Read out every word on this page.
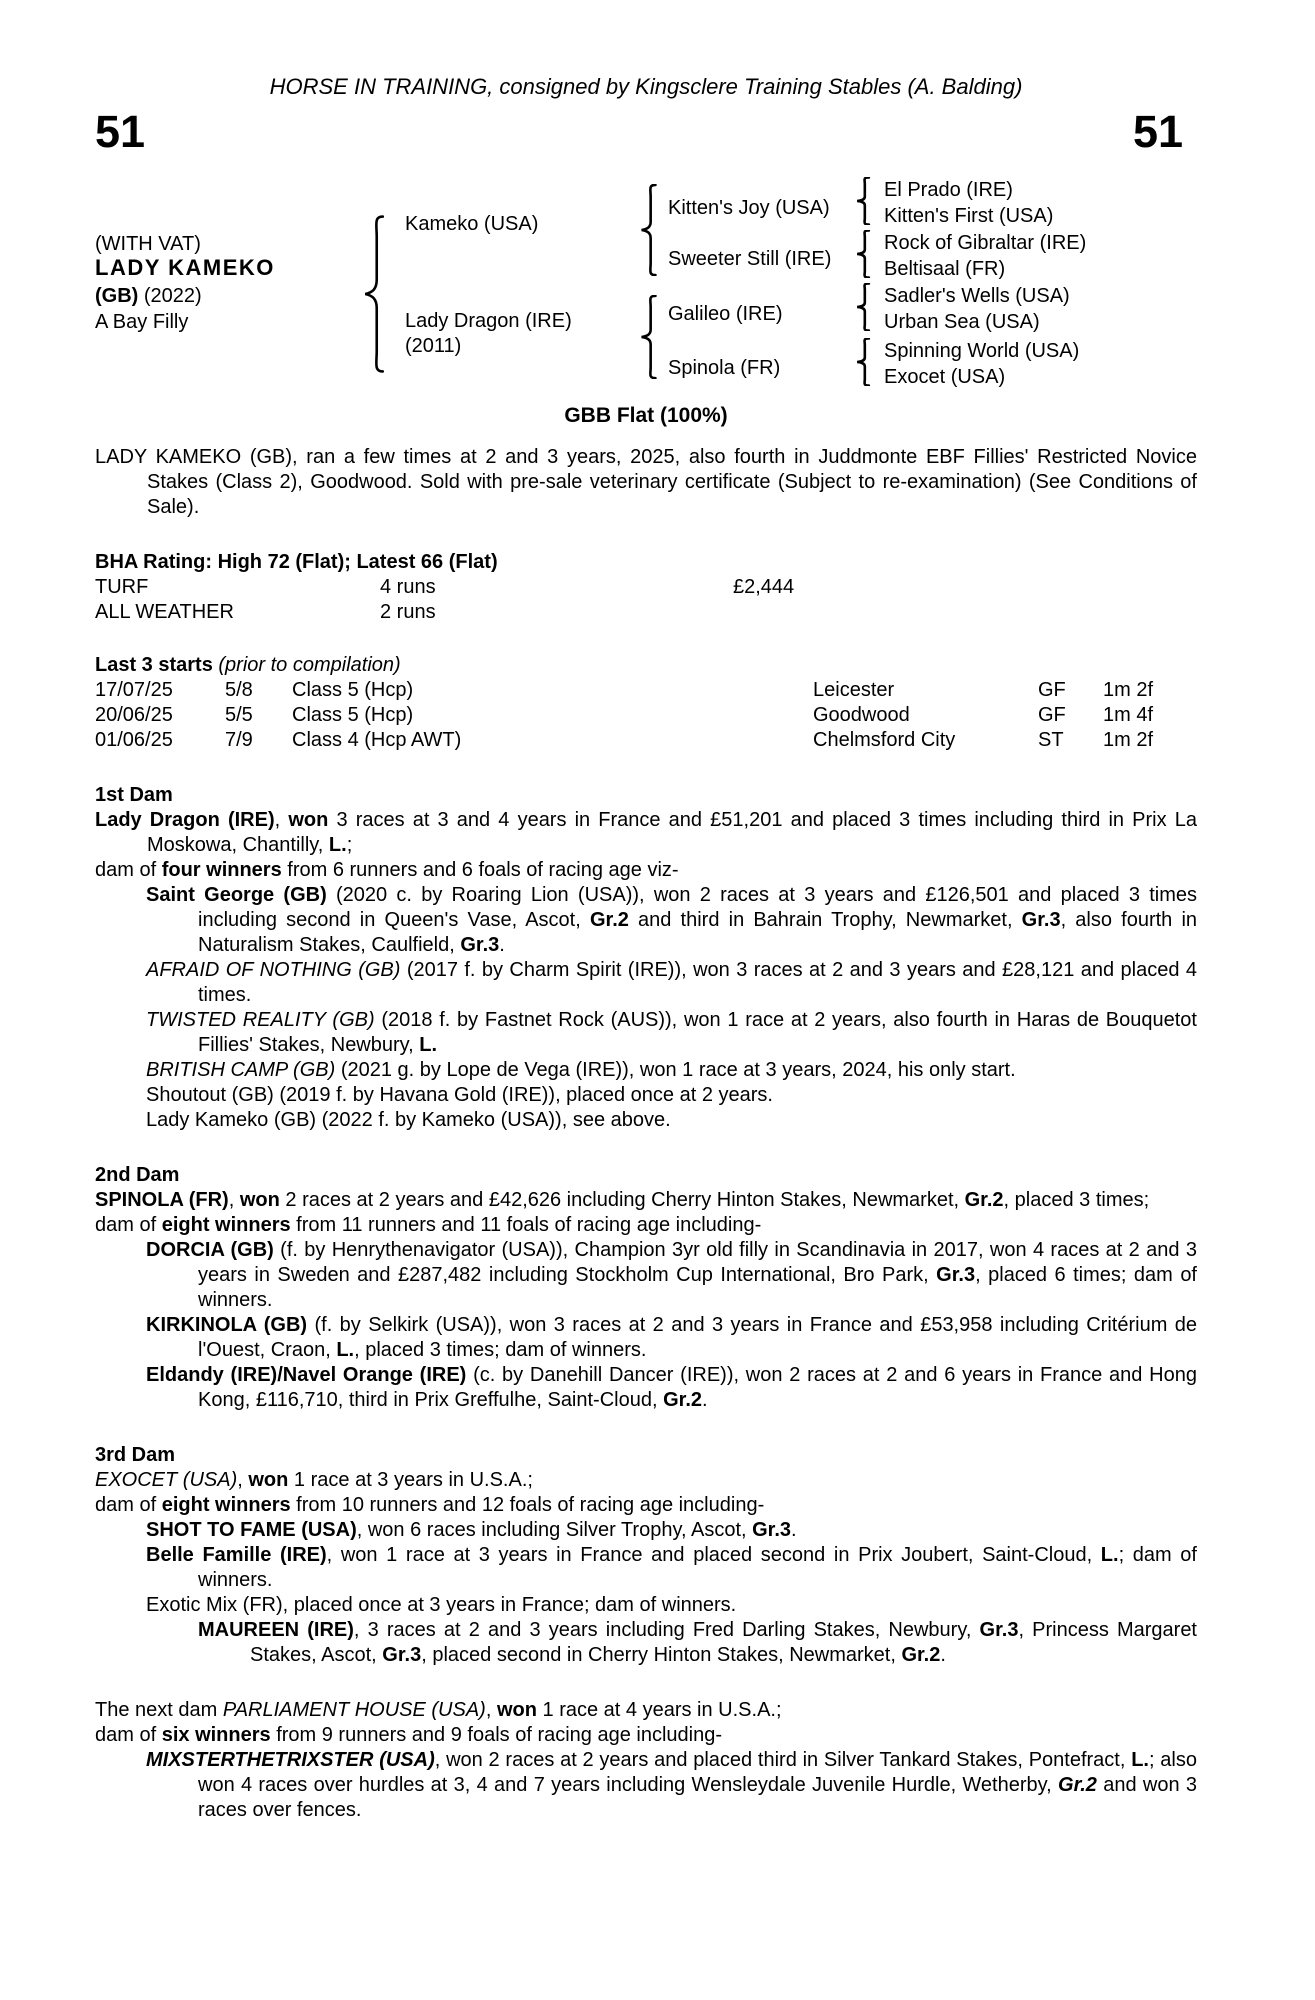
HORSE IN TRAINING, consigned by Kingsclere Training Stables (A. Balding)
51	51
(WITH VAT)
LADY KAMEKO
(GB) (2022)
A Bay Filly
Kameko (USA)
Lady Dragon (IRE)
(2011)
Kitten's Joy (USA)
Sweeter Still (IRE)
Galileo (IRE)
Spinola (FR)
El Prado (IRE)
Kitten's First (USA)
Rock of Gibraltar (IRE)
Beltisaal (FR)
Sadler's Wells (USA)
Urban Sea (USA)
Spinning World (USA)
Exocet (USA)
GBB Flat (100%)

LADY KAMEKO (GB), ran a few times at 2 and 3 years, 2025, also fourth in Juddmonte EBF Fillies' Restricted Novice Stakes (Class 2), Goodwood. Sold with pre-sale veterinary certificate (Subject to re-examination) (See Conditions of Sale).

BHA Rating: High 72 (Flat); Latest 66 (Flat)
TURF	4 runs	£2,444
ALL WEATHER	2 runs
Last 3 starts (prior to compilation)
17/07/25	5/8 Class 5 (Hcp)	Leicester	GF 1m 2f
20/06/25	5/5 Class 5 (Hcp)	Goodwood	GF 1m 4f
01/06/25	7/9 Class 4 (Hcp AWT)	Chelmsford City	ST 1m 2f
1st Dam

Lady Dragon (IRE), won 3 races at 3 and 4 years in France and £51,201 and placed 3 times including third in Prix La Moskowa, Chantilly, L.;

dam of four winners from 6 runners and 6 foals of racing age viz-

Saint George (GB) (2020 c. by Roaring Lion (USA)), won 2 races at 3 years and £126,501 and placed 3 times including second in Queen's Vase, Ascot, Gr.2 and third in Bahrain Trophy, Newmarket, Gr.3, also fourth in Naturalism Stakes, Caulfield, Gr.3.

AFRAID OF NOTHING (GB) (2017 f. by Charm Spirit (IRE)), won 3 races at 2 and 3 years and £28,121 and placed 4 times.

TWISTED REALITY (GB) (2018 f. by Fastnet Rock (AUS)), won 1 race at 2 years, also fourth in Haras de Bouquetot Fillies' Stakes, Newbury, L.

BRITISH CAMP (GB) (2021 g. by Lope de Vega (IRE)), won 1 race at 3 years, 2024, his only start.

Shoutout (GB) (2019 f. by Havana Gold (IRE)), placed once at 2 years.

Lady Kameko (GB) (2022 f. by Kameko (USA)), see above.

2nd Dam

SPINOLA (FR), won 2 races at 2 years and £42,626 including Cherry Hinton Stakes, Newmarket, Gr.2, placed 3 times;

dam of eight winners from 11 runners and 11 foals of racing age including-

DORCIA (GB) (f. by Henrythenavigator (USA)), Champion 3yr old filly in Scandinavia in 2017, won 4 races at 2 and 3 years in Sweden and £287,482 including Stockholm Cup International, Bro Park, Gr.3, placed 6 times; dam of winners.

KIRKINOLA (GB) (f. by Selkirk (USA)), won 3 races at 2 and 3 years in France and £53,958 including Critérium de l'Ouest, Craon, L., placed 3 times; dam of winners.

Eldandy (IRE)/Navel Orange (IRE) (c. by Danehill Dancer (IRE)), won 2 races at 2 and 6 years in France and Hong Kong, £116,710, third in Prix Greffulhe, Saint-Cloud, Gr.2.

3rd Dam

EXOCET (USA), won 1 race at 3 years in U.S.A.;

dam of eight winners from 10 runners and 12 foals of racing age including-

SHOT TO FAME (USA), won 6 races including Silver Trophy, Ascot, Gr.3.

Belle Famille (IRE), won 1 race at 3 years in France and placed second in Prix Joubert, Saint-Cloud, L.; dam of winners.

Exotic Mix (FR), placed once at 3 years in France; dam of winners.

MAUREEN (IRE), 3 races at 2 and 3 years including Fred Darling Stakes, Newbury, Gr.3, Princess Margaret Stakes, Ascot, Gr.3, placed second in Cherry Hinton Stakes, Newmarket, Gr.2.

The next dam PARLIAMENT HOUSE (USA), won 1 race at 4 years in U.S.A.;

dam of six winners from 9 runners and 9 foals of racing age including-

MIXSTERTHETRIXSTER (USA), won 2 races at 2 years and placed third in Silver Tankard Stakes, Pontefract, L.; also won 4 races over hurdles at 3, 4 and 7 years including Wensleydale Juvenile Hurdle, Wetherby, Gr.2 and won 3 races over fences.
